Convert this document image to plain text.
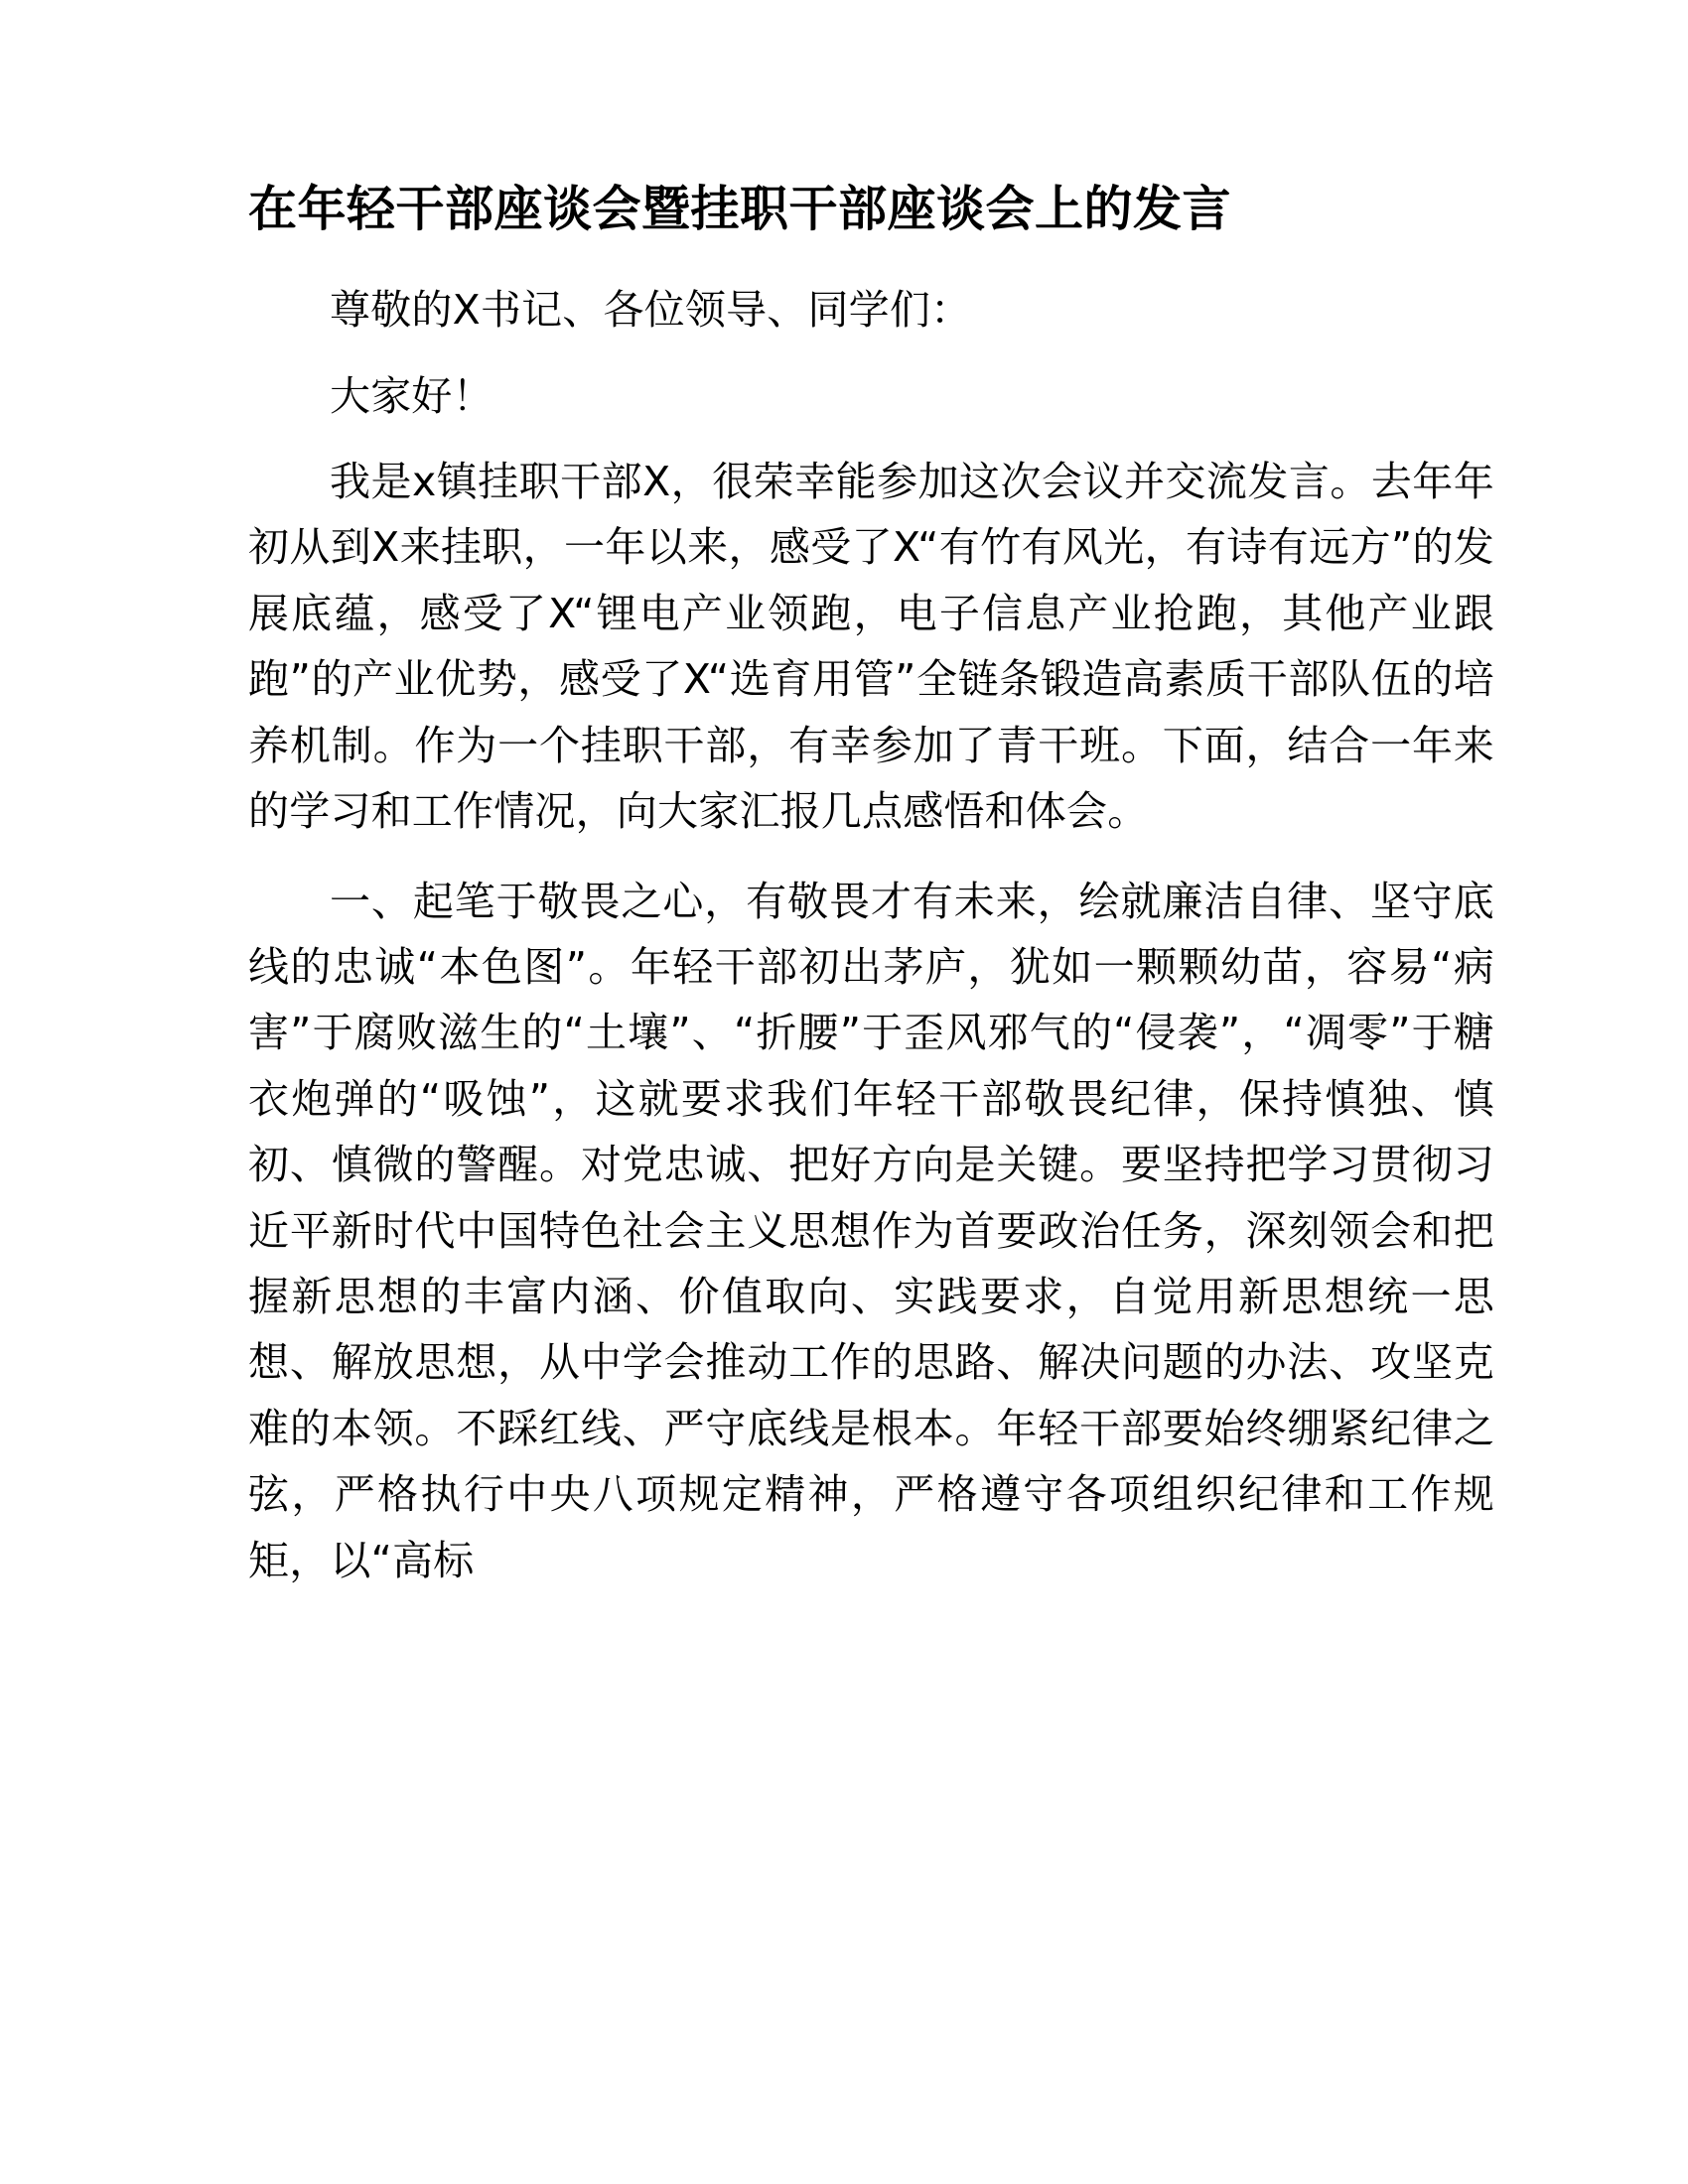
在年轻干部座谈会暨挂职干部座谈会上的发言

尊敬的X书记、各位领导、同学们：

大家好！

我是x镇挂职干部X，很荣幸能参加这次会议并交流发言。去年年初从到X来挂职，一年以来，感受了X“有竹有风光，有诗有远方”的发展底蕴，感受了X“锂电产业领跑，电子信息产业抢跑，其他产业跟跑”的产业优势，感受了X“选育用管”全链条锻造高素质干部队伍的培养机制。作为一个挂职干部，有幸参加了青干班。下面，结合一年来的学习和工作情况，向大家汇报几点感悟和体会。

一、起笔于敬畏之心，有敬畏才有未来，绘就廉洁自律、坚守底线的忠诚“本色图”。年轻干部初出茅庐，犹如一颗颗幼苗，容易“病害”于腐败滋生的“土壤”、“折腰”于歪风邪气的“侵袭”，“凋零”于糖衣炮弹的“吸蚀”，这就要求我们年轻干部敬畏纪律，保持慎独、慎初、慎微的警醒。对党忠诚、把好方向是关键。要坚持把学习贯彻习近平新时代中国特色社会主义思想作为首要政治任务，深刻领会和把握新思想的丰富内涵、价值取向、实践要求，自觉用新思想统一思想、解放思想，从中学会推动工作的思路、解决问题的办法、攻坚克难的本领。不踩红线、严守底线是根本。年轻干部要始终绷紧纪律之弦，严格执行中央八项规定精神，严格遵守各项组织纪律和工作规矩，以“高标
